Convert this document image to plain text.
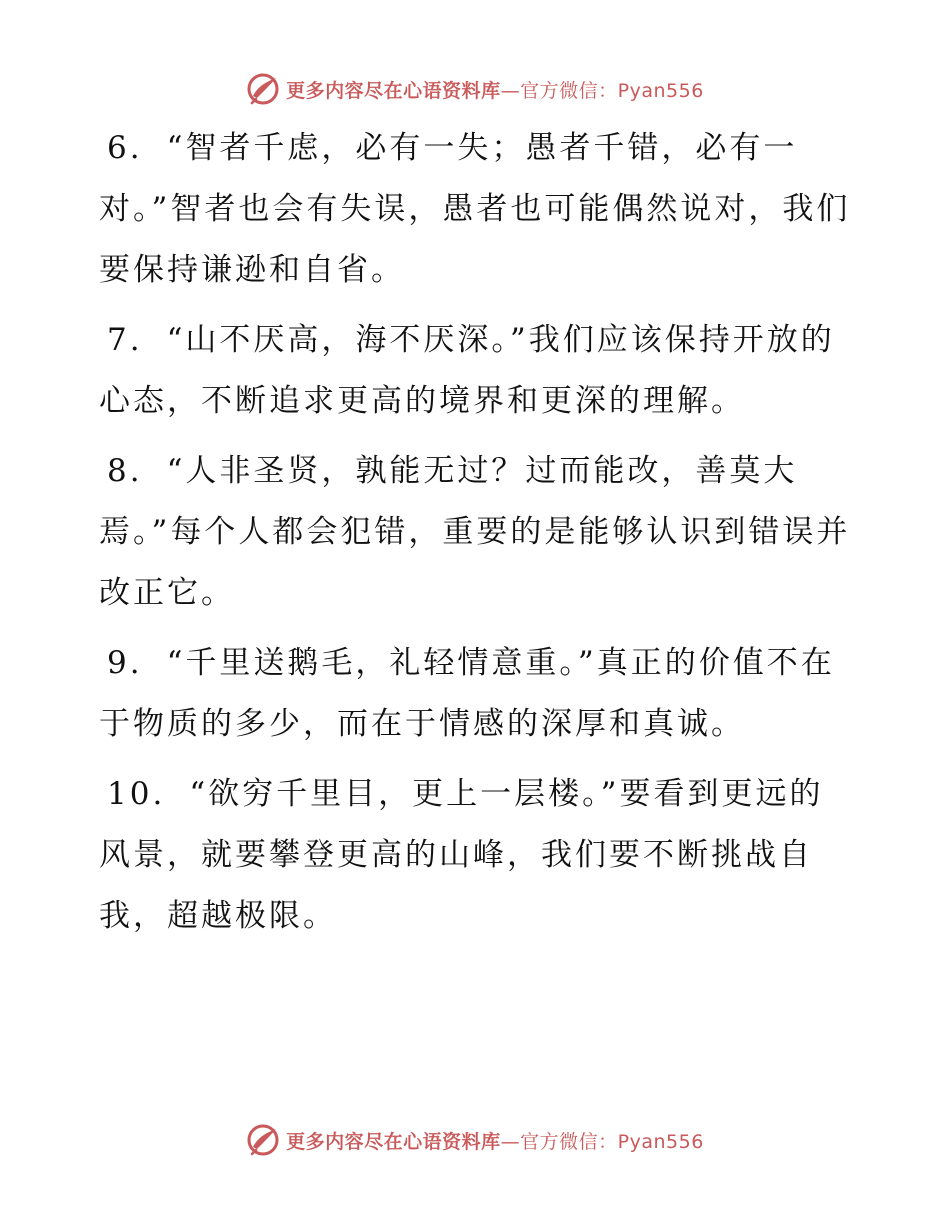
更多内容尽在心语资料库—官方微信：Pyan556

6. “智者千虑，必有一失；愚者千错，必有一对。”智者也会有失误，愚者也可能偶然说对，我们要保持谦逊和自省。

7. “山不厌高，海不厌深。”我们应该保持开放的心态，不断追求更高的境界和更深的理解。

8. “人非圣贤，孰能无过？过而能改，善莫大焉。”每个人都会犯错，重要的是能够认识到错误并改正它。

9. “千里送鹅毛，礼轻情意重。”真正的价值不在于物质的多少，而在于情感的深厚和真诚。

10. “欲穷千里目，更上一层楼。”要看到更远的风景，就要攀登更高的山峰，我们要不断挑战自我，超越极限。

更多内容尽在心语资料库—官方微信：Pyan556
